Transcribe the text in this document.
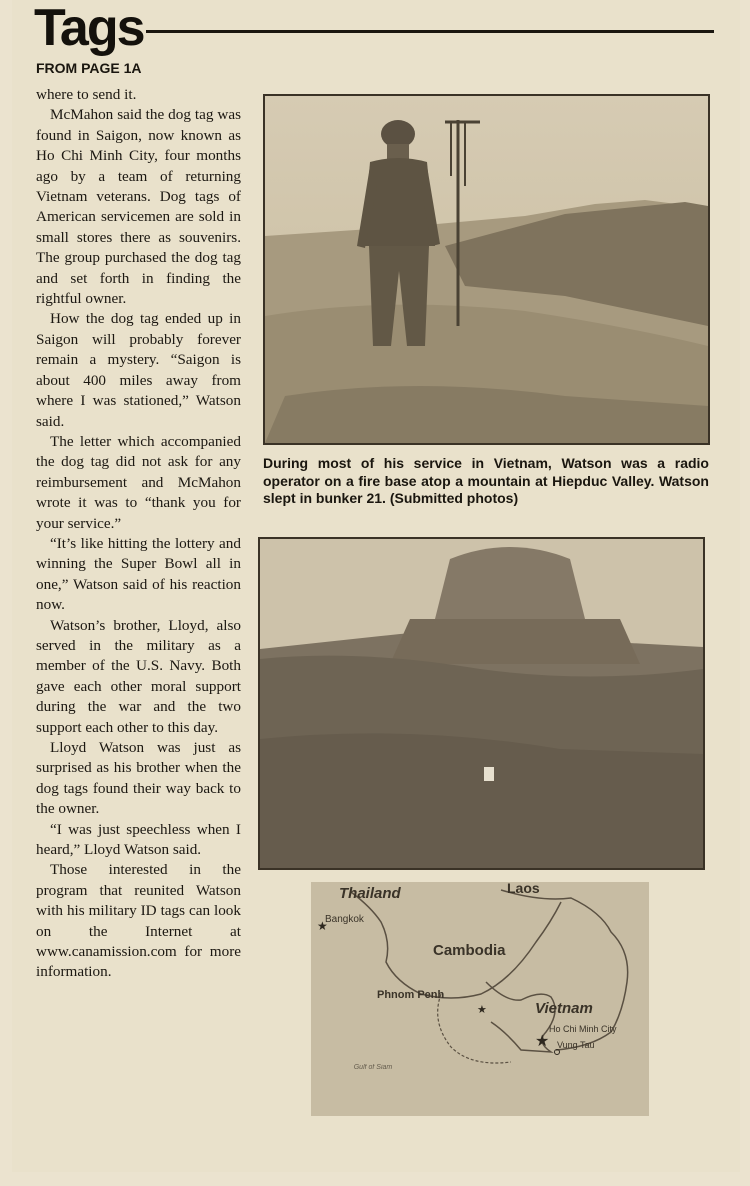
Tags
FROM PAGE 1A

where to send it.

McMahon said the dog tag was found in Saigon, now known as Ho Chi Minh City, four months ago by a team of returning Vietnam veterans. Dog tags of American servicemen are sold in small stores there as souvenirs. The group purchased the dog tag and set forth in finding the rightful owner.

How the dog tag ended up in Saigon will probably forever remain a mystery. “Saigon is about 400 miles away from where I was stationed,” Watson said.

The letter which accompanied the dog tag did not ask for any reimbursement and McMahon wrote it was to “thank you for your service.”

“It’s like hitting the lottery and winning the Super Bowl all in one,” Watson said of his reaction now.

Watson’s brother, Lloyd, also served in the military as a member of the U.S. Navy. Both gave each other moral support during the war and the two support each other to this day.

Lloyd Watson was just as surprised as his brother when the dog tags found their way back to the owner.

“I was just speechless when I heard,” Lloyd Watson said.

Those interested in the program that reunited Watson with his military ID tags can look on the Internet at www.canamission.com for more information.

During most of his service in Vietnam, Watson was a radio operator on a fire base atop a mountain at Hiepduc Valley. Watson slept in bunker 21. (Submitted photos)
★
★
★
Thailand	Laos
Bangkok
Cambodia
Phnom Penh
Vietnam
Ho Chi Minh City
Vung Tau
Gulf of Siam
